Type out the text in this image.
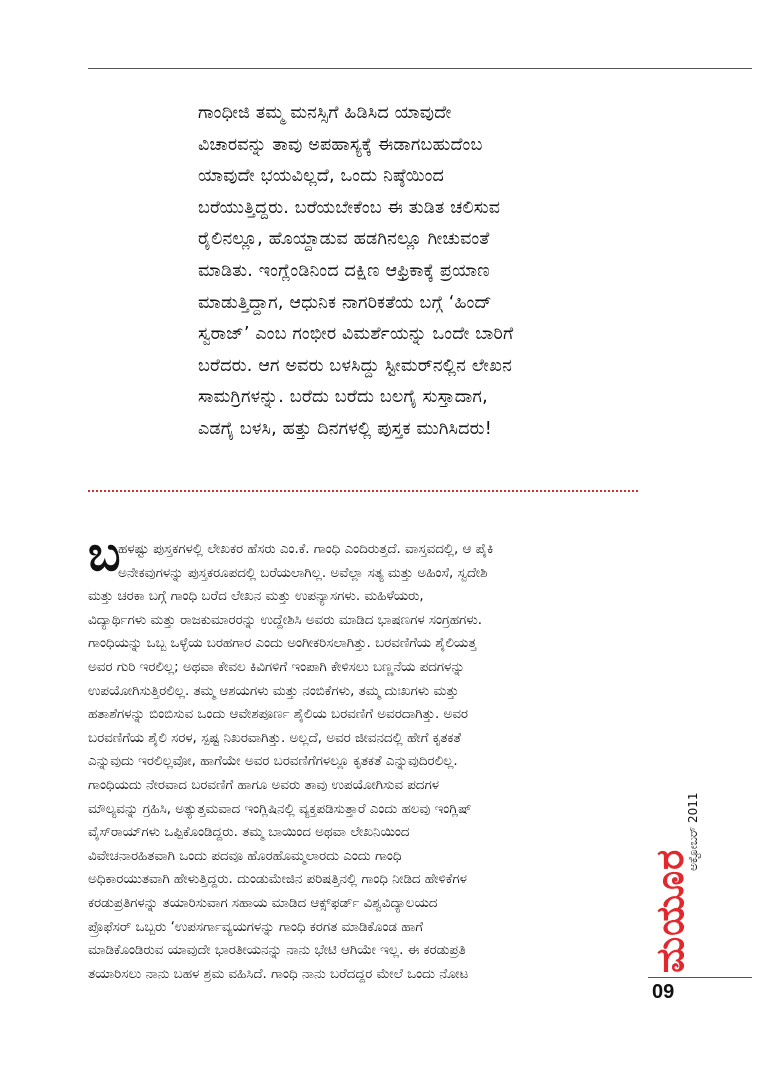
ಗಾಂಧೀಜಿ ತಮ್ಮ ಮನಸ್ಸಿಗೆ ಹಿಡಿಸಿದ ಯಾವುದೇ
ವಿಚಾರವನ್ನು ತಾವು ಅಪಹಾಸ್ಯಕ್ಕೆ ಈಡಾಗಬಹುದೆಂಬ
ಯಾವುದೇ ಭಯವಿಲ್ಲದೆ, ಒಂದು ನಿಷ್ಠೆಯಿಂದ
ಬರೆಯುತ್ತಿದ್ದರು. ಬರೆಯಬೇಕೆಂಬ ಈ ತುಡಿತ ಚಲಿಸುವ
ರೈಲಿನಲ್ಲೂ, ಹೊಯ್ದಾಡುವ ಹಡಗಿನಲ್ಲೂ ಗೀಚುವಂತೆ
ಮಾಡಿತು. ಇಂಗ್ಲೆಂಡಿನಿಂದ ದಕ್ಷಿಣ ಆಫ್ರಿಕಾಕ್ಕೆ ಪ್ರಯಾಣ
ಮಾಡುತ್ತಿದ್ದಾಗ, ಆಧುನಿಕ ನಾಗರಿಕತೆಯ ಬಗ್ಗೆ ‘ಹಿಂದ್
ಸ್ವರಾಜ್’ ಎಂಬ ಗಂಭೀರ ವಿಮರ್ಶೆಯನ್ನು ಒಂದೇ ಬಾರಿಗೆ
ಬರೆದರು. ಆಗ ಅವರು ಬಳಸಿದ್ದು ಸ್ಟೀಮರ್‌ನಲ್ಲಿನ ಲೇಖನ
ಸಾಮಗ್ರಿಗಳನ್ನು. ಬರೆದು ಬರೆದು ಬಲಗೈ ಸುಸ್ತಾದಾಗ,
ಎಡಗೈ ಬಳಸಿ, ಹತ್ತು ದಿನಗಳಲ್ಲಿ ಪುಸ್ತಕ ಮುಗಿಸಿದರು!
ಬ
ಹಳಷ್ಟು ಪುಸ್ತಕಗಳಲ್ಲಿ ಲೇಖಕರ ಹೆಸರು ಎಂ.ಕೆ. ಗಾಂಧಿ ಎಂದಿರುತ್ತದೆ. ವಾಸ್ತವದಲ್ಲಿ, ಆ ಪೈಕಿ
ಅನೇಕವುಗಳನ್ನು ಪುಸ್ತಕರೂಪದಲ್ಲಿ ಬರೆಯಲಾಗಿಲ್ಲ. ಅವೆಲ್ಲಾ ಸತ್ಯ ಮತ್ತು ಅಹಿಂಸೆ, ಸ್ವದೇಶಿ
ಮತ್ತು ಚರಕಾ ಬಗ್ಗೆ ಗಾಂಧಿ ಬರೆದ ಲೇಖನ ಮತ್ತು ಉಪನ್ಯಾಸಗಳು. ಮಹಿಳೆಯರು,
ವಿದ್ಯಾರ್ಥಿಗಳು ಮತ್ತು ರಾಜಕುಮಾರರನ್ನು ಉದ್ದೇಶಿಸಿ ಅವರು ಮಾಡಿದ ಭಾಷಣಗಳ ಸಂಗ್ರಹಗಳು.
ಗಾಂಧಿಯನ್ನು ಒಬ್ಬ ಒಳ್ಳೆಯ ಬರಹಗಾರ ಎಂದು ಅಂಗೀಕರಿಸಲಾಗಿತ್ತು. ಬರವಣಿಗೆಯ ಶೈಲಿಯತ್ತ
ಅವರ ಗುರಿ ಇರಲಿಲ್ಲ; ಅಥವಾ ಕೇವಲ ಕಿವಿಗಳಿಗೆ ಇಂಪಾಗಿ ಕೇಳಿಸಲು ಬಣ್ಣನೆಯ ಪದಗಳನ್ನು
ಉಪಯೋಗಿಸುತ್ತಿರಲಿಲ್ಲ. ತಮ್ಮ ಆಶಯಗಳು ಮತ್ತು ನಂಬಿಕೆಗಳು, ತಮ್ಮ ದುಃಖಗಳು ಮತ್ತು
ಹತಾಶೆಗಳನ್ನು ಬಿಂಬಿಸುವ ಒಂದು ಆವೇಶಪೂರ್ಣ ಶೈಲಿಯ ಬರವಣಿಗೆ ಅವರದಾಗಿತ್ತು. ಅವರ
ಬರವಣಿಗೆಯ ಶೈಲಿ ಸರಳ, ಸ್ಪಷ್ಟ ನಿಖರವಾಗಿತ್ತು. ಅಲ್ಲದೆ, ಅವರ ಜೀವನದಲ್ಲಿ ಹೇಗೆ ಕೃತಕತೆ
ಎನ್ನುವುದು ಇರಲಿಲ್ಲವೋ, ಹಾಗೆಯೇ ಅವರ ಬರವಣಿಗೆಗಳಲ್ಲೂ ಕೃತಕತೆ ಎನ್ನುವುದಿರಲಿಲ್ಲ.
ಗಾಂಧಿಯದು ನೇರವಾದ ಬರವಣಿಗೆ ಹಾಗೂ ಅವರು ತಾವು ಉಪಯೋಗಿಸುವ ಪದಗಳ
ಮೌಲ್ಯವನ್ನು ಗ್ರಹಿಸಿ, ಅತ್ಯುತ್ತಮವಾದ ಇಂಗ್ಲಿಷಿನಲ್ಲಿ ವ್ಯಕ್ತಪಡಿಸುತ್ತಾರೆ ಎಂದು ಹಲವು ಇಂಗ್ಲಿಷ್
ವೈಸ್‌ರಾಯ್‌ಗಳು ಒಪ್ಪಿಕೊಂಡಿದ್ದರು. ತಮ್ಮ ಬಾಯಿಂದ ಅಥವಾ ಲೇಖನಿಯಿಂದ
ವಿವೇಚನಾರಹಿತವಾಗಿ ಒಂದು ಪದವೂ ಹೊರಹೊಮ್ಮಲಾರದು ಎಂದು ಗಾಂಧಿ
ಅಧಿಕಾರಯುತವಾಗಿ ಹೇಳುತ್ತಿದ್ದರು. ದುಂಡುಮೇಜಿನ ಪರಿಷತ್ತಿನಲ್ಲಿ ಗಾಂಧಿ ನೀಡಿದ ಹೇಳಿಕೆಗಳ
ಕರಡುಪ್ರತಿಗಳನ್ನು ತಯಾರಿಸುವಾಗ ಸಹಾಯ ಮಾಡಿದ ಆಕ್ಸ್‌ಫರ್ಡ್ ವಿಶ್ವವಿದ್ಯಾಲಯದ
ಪ್ರೊಫೆಸರ್ ಒಬ್ಬರು ‘ಉಪಸರ್ಗಾವ್ಯಯಗಳನ್ನು ಗಾಂಧಿ ಕರಗತ ಮಾಡಿಕೊಂಡ ಹಾಗೆ
ಮಾಡಿಕೊಂಡಿರುವ ಯಾವುದೇ ಭಾರತೀಯನನ್ನು ನಾನು ಭೇಟಿ ಆಗಿಯೇ ಇಲ್ಲ. ಈ ಕರಡುಪ್ರತಿ
ತಯಾರಿಸಲು ನಾನು ಬಹಳ ಶ್ರಮ ವಹಿಸಿದೆ. ಗಾಂಧಿ ನಾನು ಬರೆದದ್ದರ ಮೇಲೆ ಒಂದು ನೋಟ
ಮಯೂರ
ಅಕ್ಟೋಬರ್ 2011
09
